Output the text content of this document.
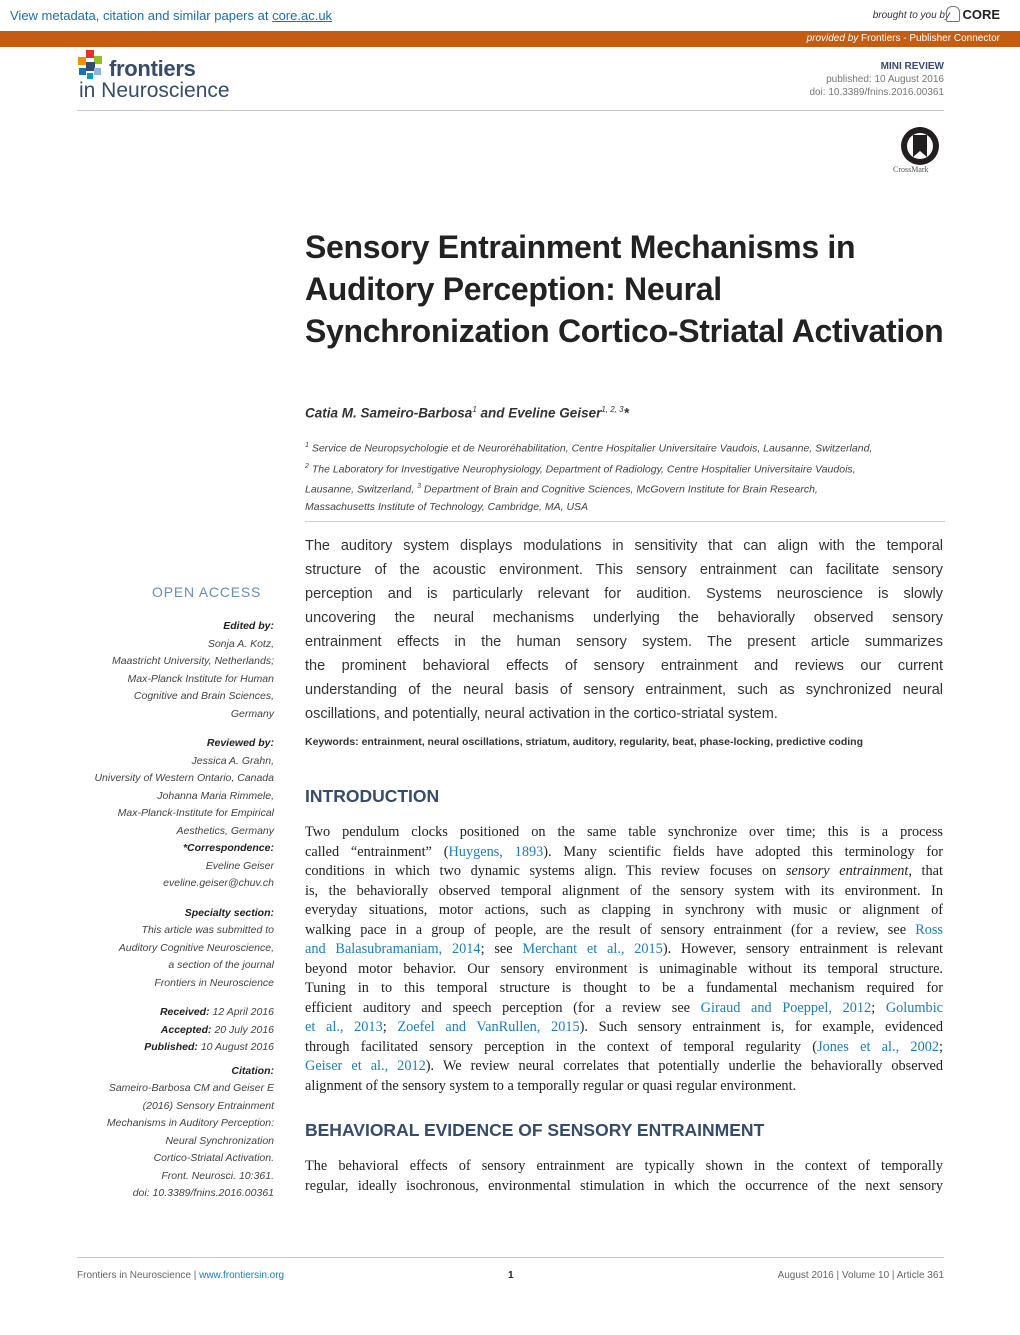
View metadata, citation and similar papers at core.ac.uk	brought to you by CORE
provided by Frontiers - Publisher Connector
frontiers
in Neuroscience
MINI REVIEW
published: 10 August 2016
doi: 10.3389/fnins.2016.00361
CrossMark
Sensory Entrainment Mechanisms in Auditory Perception: Neural Synchronization Cortico-Striatal Activation
Catia M. Sameiro-Barbosa$^1$ and Eveline Geiser$^{1, 2, 3}$*
$^1$ Service de Neuropsychologie et de Neuroréhabilitation, Centre Hospitalier Universitaire Vaudois, Lausanne, Switzerland,
$^2$ The Laboratory for Investigative Neurophysiology, Department of Radiology, Centre Hospitalier Universitaire Vaudois,
Lausanne, Switzerland, $^3$ Department of Brain and Cognitive Sciences, McGovern Institute for Brain Research,
Massachusetts Institute of Technology, Cambridge, MA, USA
OPEN ACCESS
Edited by:
Sonja A. Kotz,
Maastricht University, Netherlands;
Max-Planck Institute for Human
Cognitive and Brain Sciences,
Germany
Reviewed by:
Jessica A. Grahn,
University of Western Ontario, Canada
Johanna Maria Rimmele,
Max-Planck-Institute for Empirical
Aesthetics, Germany
*Correspondence:
Eveline Geiser
eveline.geiser@chuv.ch
Specialty section:
This article was submitted to
Auditory Cognitive Neuroscience,
a section of the journal
Frontiers in Neuroscience
Received: 12 April 2016
Accepted: 20 July 2016
Published: 10 August 2016
Citation:
Sameiro-Barbosa CM and Geiser E
(2016) Sensory Entrainment
Mechanisms in Auditory Perception:
Neural Synchronization
Cortico-Striatal Activation.
Front. Neurosci. 10:361.
doi: 10.3389/fnins.2016.00361
The auditory system displays modulations in sensitivity that can align with the temporal
structure of the acoustic environment. This sensory entrainment can facilitate sensory
perception and is particularly relevant for audition. Systems neuroscience is slowly
uncovering the neural mechanisms underlying the behaviorally observed sensory
entrainment effects in the human sensory system. The present article summarizes
the prominent behavioral effects of sensory entrainment and reviews our current
understanding of the neural basis of sensory entrainment, such as synchronized neural
oscillations, and potentially, neural activation in the cortico-striatal system.
Keywords: entrainment, neural oscillations, striatum, auditory, regularity, beat, phase-locking, predictive coding
INTRODUCTION

Two pendulum clocks positioned on the same table synchronize over time; this is a process

called “entrainment” (Huygens, 1893). Many scientific fields have adopted this terminology for

conditions in which two dynamic systems align. This review focuses on sensory entrainment, that

is, the behaviorally observed temporal alignment of the sensory system with its environment. In

everyday situations, motor actions, such as clapping in synchrony with music or alignment of

walking pace in a group of people, are the result of sensory entrainment (for a review, see Ross

and Balasubramaniam, 2014; see Merchant et al., 2015). However, sensory entrainment is relevant

beyond motor behavior. Our sensory environment is unimaginable without its temporal structure.

Tuning in to this temporal structure is thought to be a fundamental mechanism required for

efficient auditory and speech perception (for a review see Giraud and Poeppel, 2012; Golumbic

et al., 2013; Zoefel and VanRullen, 2015). Such sensory entrainment is, for example, evidenced

through facilitated sensory perception in the context of temporal regularity (Jones et al., 2002;

Geiser et al., 2012). We review neural correlates that potentially underlie the behaviorally observed

alignment of the sensory system to a temporally regular or quasi regular environment.

BEHAVIORAL EVIDENCE OF SENSORY ENTRAINMENT

The behavioral effects of sensory entrainment are typically shown in the context of temporally

regular, ideally isochronous, environmental stimulation in which the occurrence of the next sensory

Frontiers in Neuroscience | www.frontiersin.org	1	August 2016 | Volume 10 | Article 361
